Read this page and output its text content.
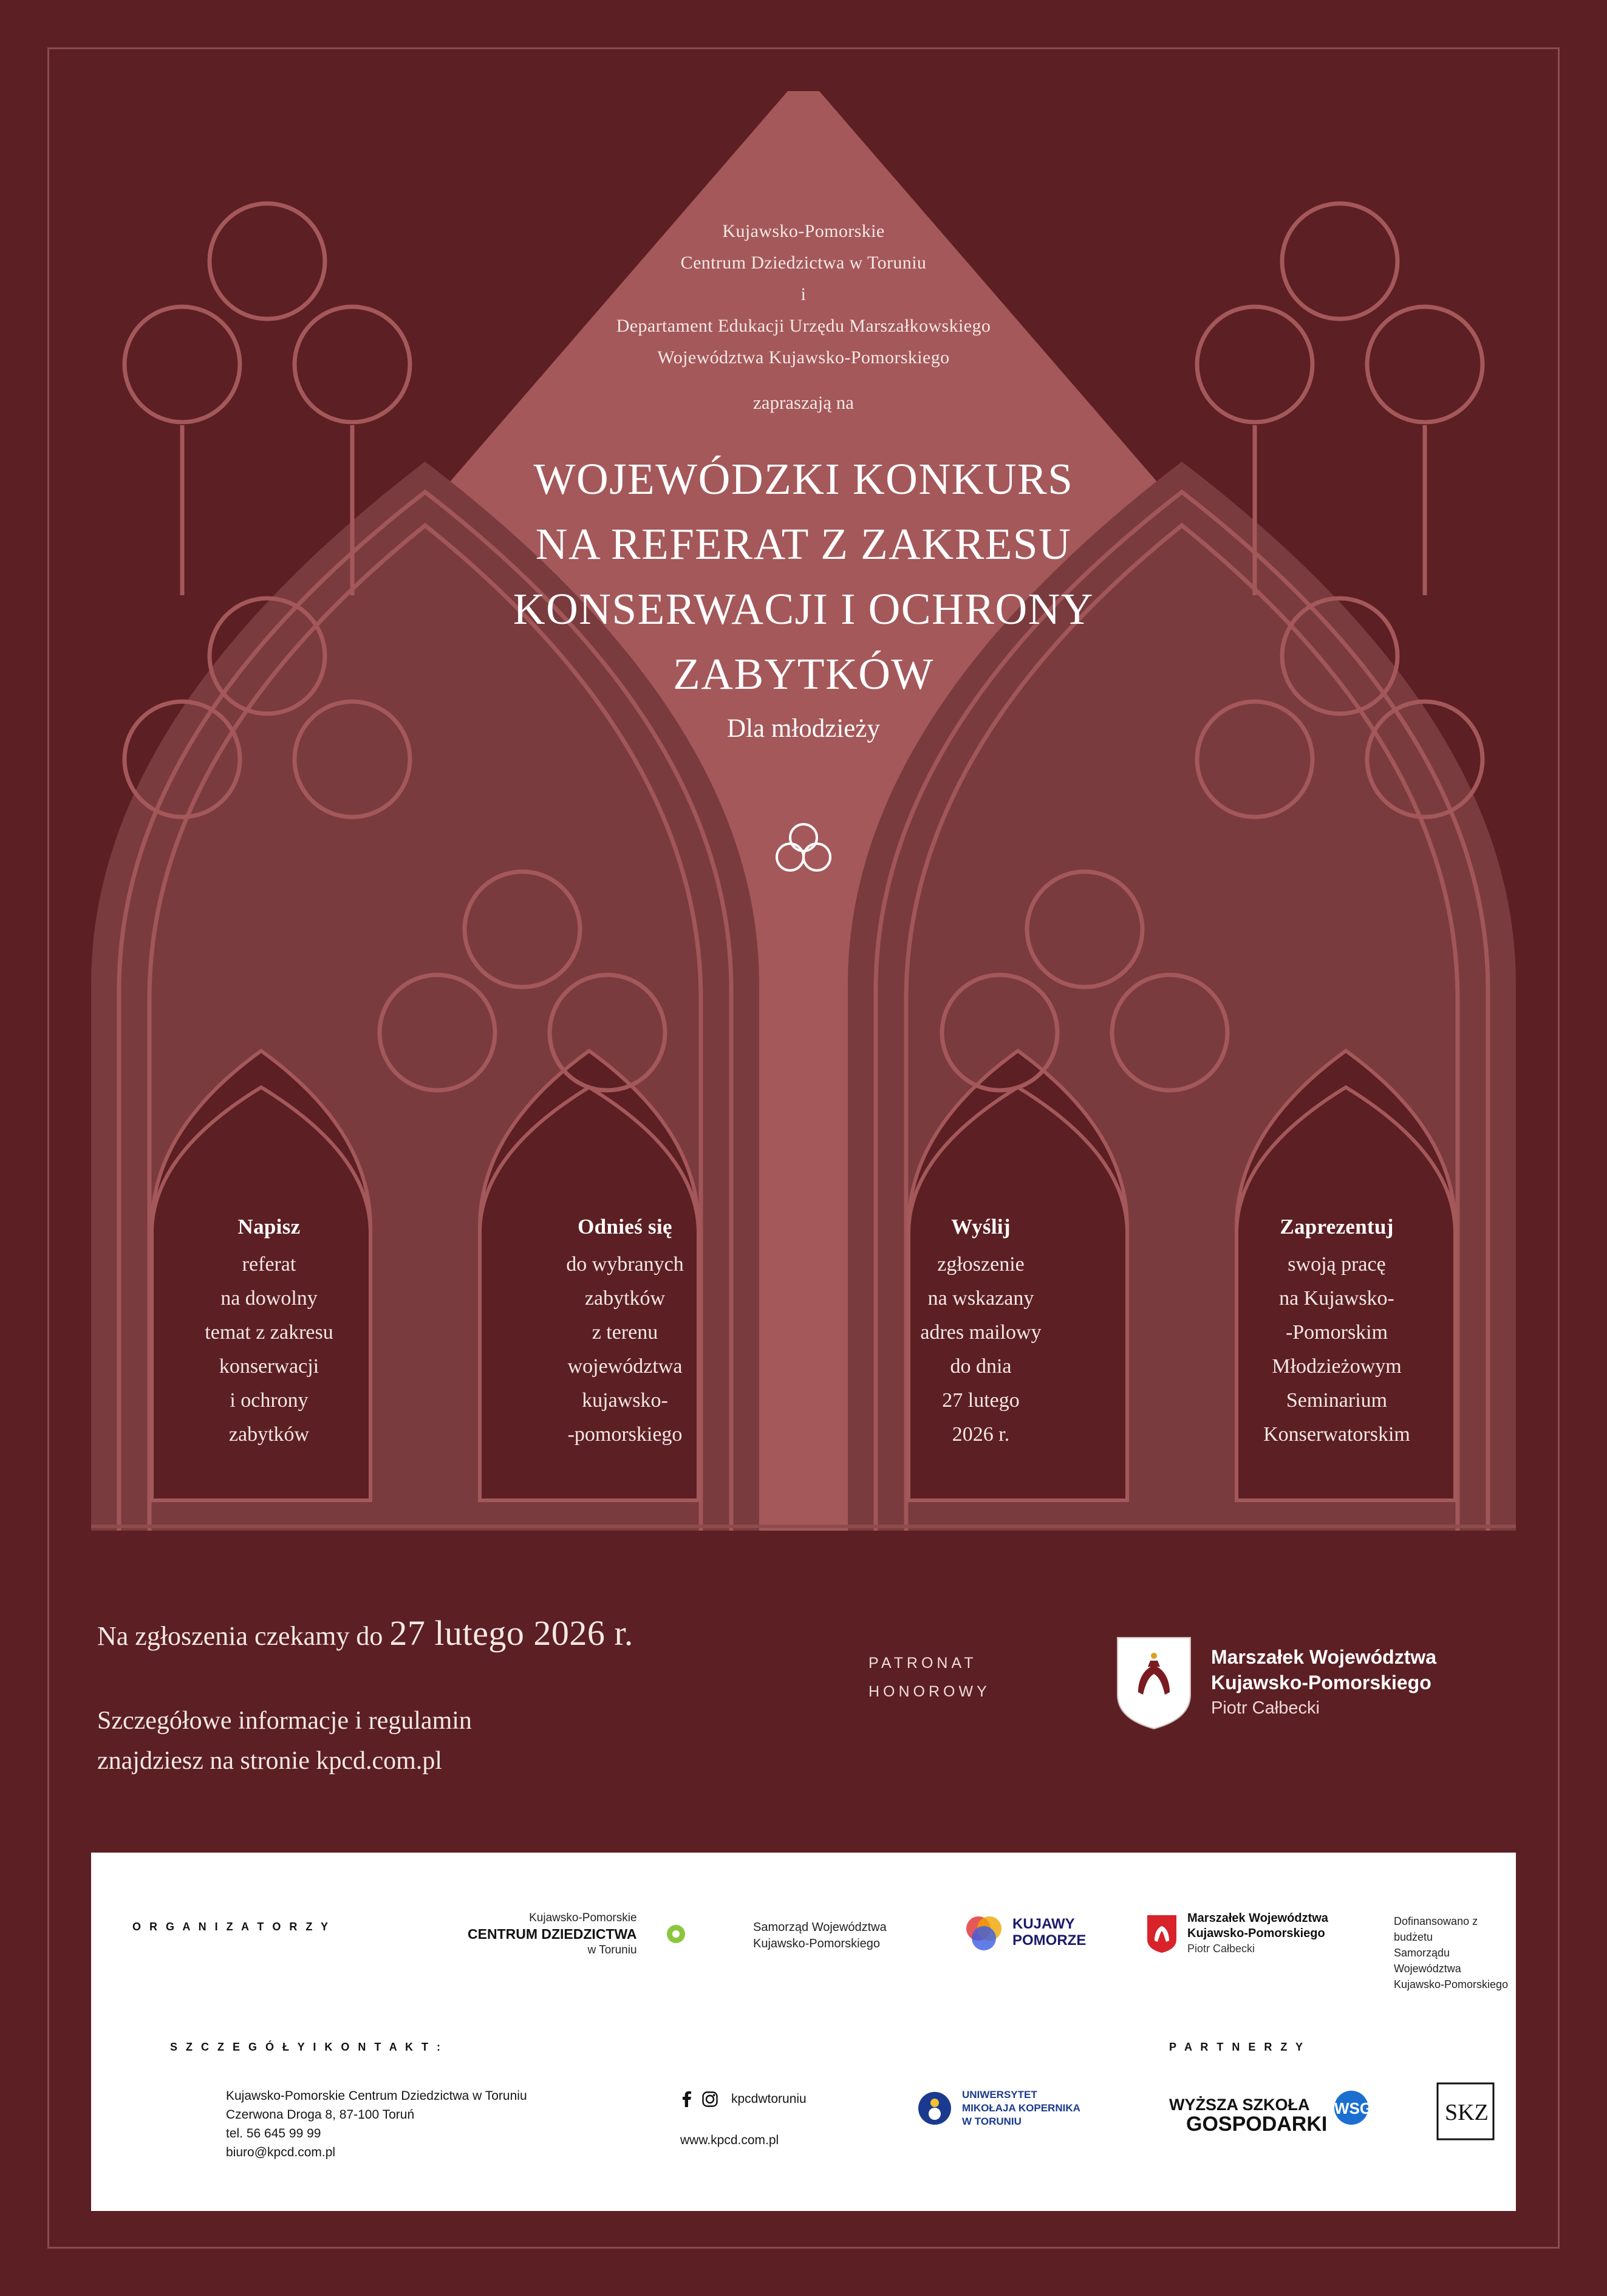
Kujawsko-Pomorskie
Centrum Dziedzictwa w Toruniu
i
Departament Edukacji Urzędu Marszałkowskiego
Województwa Kujawsko-Pomorskiego
zapraszają na
WOJEWÓDZKI KONKURS
NA REFERAT Z ZAKRESU
KONSERWACJI I OCHRONY
ZABYTKÓW
Dla młodzieży
Napisz
referat
na dowolny
temat z zakresu
konserwacji
i ochrony
zabytków
Odnieś się
do wybranych
zabytków
z terenu
województwa
kujawsko-
-pomorskiego
Wyślij
zgłoszenie
na wskazany
adres mailowy
do dnia
27 lutego
2026 r.
Zaprezentuj
swoją pracę
na Kujawsko-
-Pomorskim
Młodzieżowym
Seminarium
Konserwatorskim
Na zgłoszenia czekamy do 27 lutego 2026 r.
Szczegółowe informacje i regulamin
znajdziesz na stronie kpcd.com.pl
PATRONAT
HONOROWY
Marszałek Województwa
Kujawsko-Pomorskiego
Piotr Całbecki
O R G A N I Z A T O R Z Y
Kujawsko-Pomorskie
CENTRUM DZIEDZICTWA
w Toruniu
Samorząd Województwa
Kujawsko-Pomorskiego
KUJAWY
POMORZE
Marszałek Województwa
Kujawsko-Pomorskiego
Piotr Całbecki
Dofinansowano z budżetu
Samorządu Województwa
Kujawsko-Pomorskiego
S Z C Z E G Ó Ł Y I K O N T A K T :	P A R T N E R Z Y
Kujawsko-Pomorskie Centrum Dziedzictwa w Toruniu
Czerwona Droga 8, 87-100 Toruń
tel. 56 645 99 99
biuro@kpcd.com.pl
kpcdwtoruniu
www.kpcd.com.pl
UNIWERSYTET
MIKOŁAJA KOPERNIKA
W TORUNIU
WYŻSZA SZKOŁA
GOSPODARKI
WSG	SKZ
